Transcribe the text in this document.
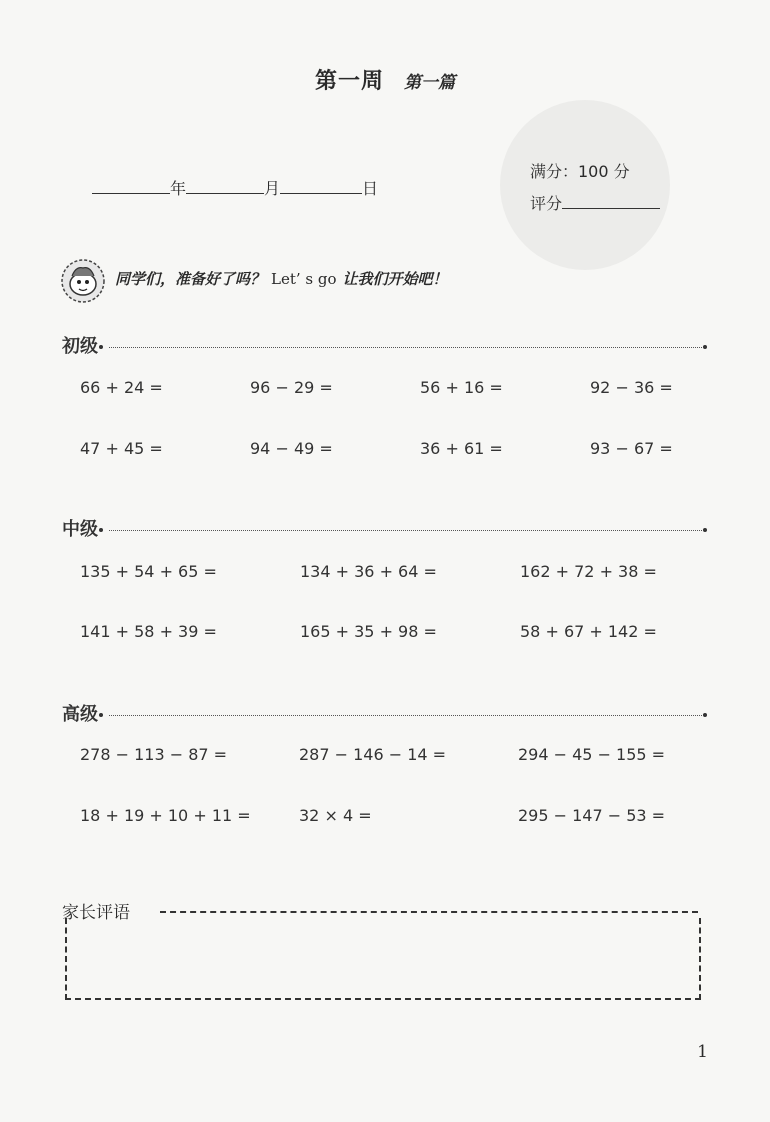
第一周 第一篇
年	月	日
满分：100 分
评分
同学们，准备好了吗？ Let’ s go 让我们开始吧！
初级
66 + 24 =	96 − 29 =	56 + 16 =	92 − 36 =
47 + 45 =	94 − 49 =	36 + 61 =	93 − 67 =
中级
135 + 54 + 65 =	134 + 36 + 64 =	162 + 72 + 38 =
141 + 58 + 39 =	165 + 35 + 98 =	58 + 67 + 142 =
高级
278 − 113 − 87 =	287 − 146 − 14 =	294 − 45 − 155 =
18 + 19 + 10 + 11 =	32 × 4 =	295 − 147 − 53 =
家长评语
1
